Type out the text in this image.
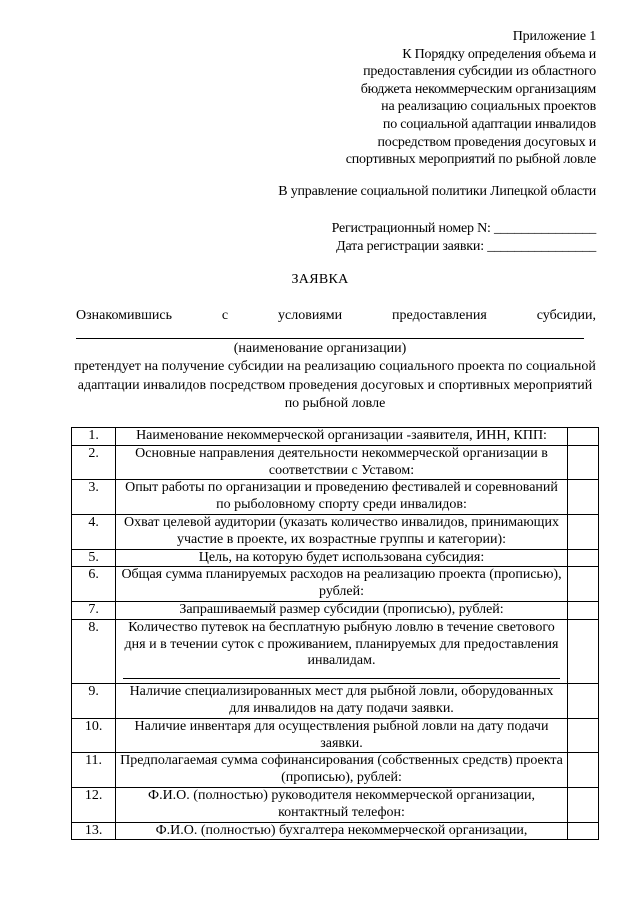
Приложение 1
К Порядку определения объема и
предоставления субсидии из областного
бюджета некоммерческим организациям
на реализацию социальных проектов
по социальной адаптации инвалидов
посредством проведения досуговых и
спортивных мероприятий по рыбной ловле
В управление социальной политики Липецкой области
Регистрационный номер N: _______________
Дата регистрации заявки: ________________
ЗАЯВКА
Ознакомившись	с	условиями	предоставления	субсидии,
(наименование организации)
претендует на получение субсидии на реализацию социального проекта по социальной адаптации инвалидов посредством проведения досуговых и спортивных мероприятий по рыбной ловле
1.	Наименование некоммерческой организации -заявителя, ИНН, КПП:	
2.	Основные направления деятельности некоммерческой организации в соответствии с Уставом:	
3.	Опыт работы по организации и проведению фестивалей и соревнований по рыболовному спорту среди инвалидов:	
4.	Охват целевой аудитории (указать количество инвалидов, принимающих участие в проекте, их возрастные группы и категории):	
5.	Цель, на которую будет использована субсидия:	
6.	Общая сумма планируемых расходов на реализацию проекта (прописью), рублей:	
7.	Запрашиваемый размер субсидии (прописью), рублей:	
8.	Количество путевок на бесплатную рыбную ловлю в течение светового дня и в течении суток с проживанием, планируемых для предоставления инвалидам.

9.	Наличие специализированных мест для рыбной ловли, оборудованных для инвалидов на дату подачи заявки.	
10.	Наличие инвентаря для осуществления рыбной ловли на дату подачи заявки.	
11.	Предполагаемая сумма софинансирования (собственных средств) проекта (прописью), рублей:	
12.	Ф.И.О. (полностью) руководителя некоммерческой организации, контактный телефон:	
13.	Ф.И.О. (полностью) бухгалтера некоммерческой организации,	
